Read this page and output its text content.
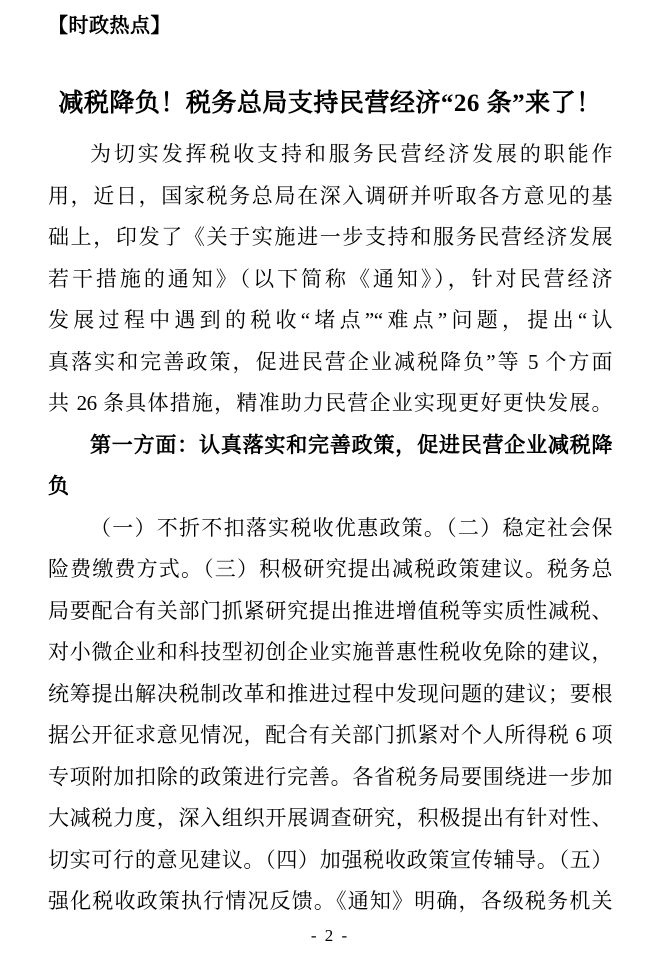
【时政热点】
减税降负！税务总局支持民营经济“26 条”来了！
为切实发挥税收支持和服务民营经济发展的职能作
用，近日，国家税务总局在深入调研并听取各方意见的基
础上，印发了《关于实施进一步支持和服务民营经济发展
若干措施的通知》（以下简称《通知》），针对民营经济
发展过程中遇到的税收“堵点”“难点”问题，提出“认
真落实和完善政策，促进民营企业减税降负”等 5 个方面
共 26 条具体措施，精准助力民营企业实现更好更快发展。
第一方面：认真落实和完善政策，促进民营企业减税降
负
（一）不折不扣落实税收优惠政策。（二）稳定社会保
险费缴费方式。（三）积极研究提出减税政策建议。税务总
局要配合有关部门抓紧研究提出推进增值税等实质性减税、
对小微企业和科技型初创企业实施普惠性税收免除的建议，
统筹提出解决税制改革和推进过程中发现问题的建议；要根
据公开征求意见情况，配合有关部门抓紧对个人所得税 6 项
专项附加扣除的政策进行完善。各省税务局要围绕进一步加
大减税力度，深入组织开展调查研究，积极提出有针对性、
切实可行的意见建议。（四）加强税收政策宣传辅导。（五）
强化税收政策执行情况反馈。《通知》明确，各级税务机关
- 2 -
